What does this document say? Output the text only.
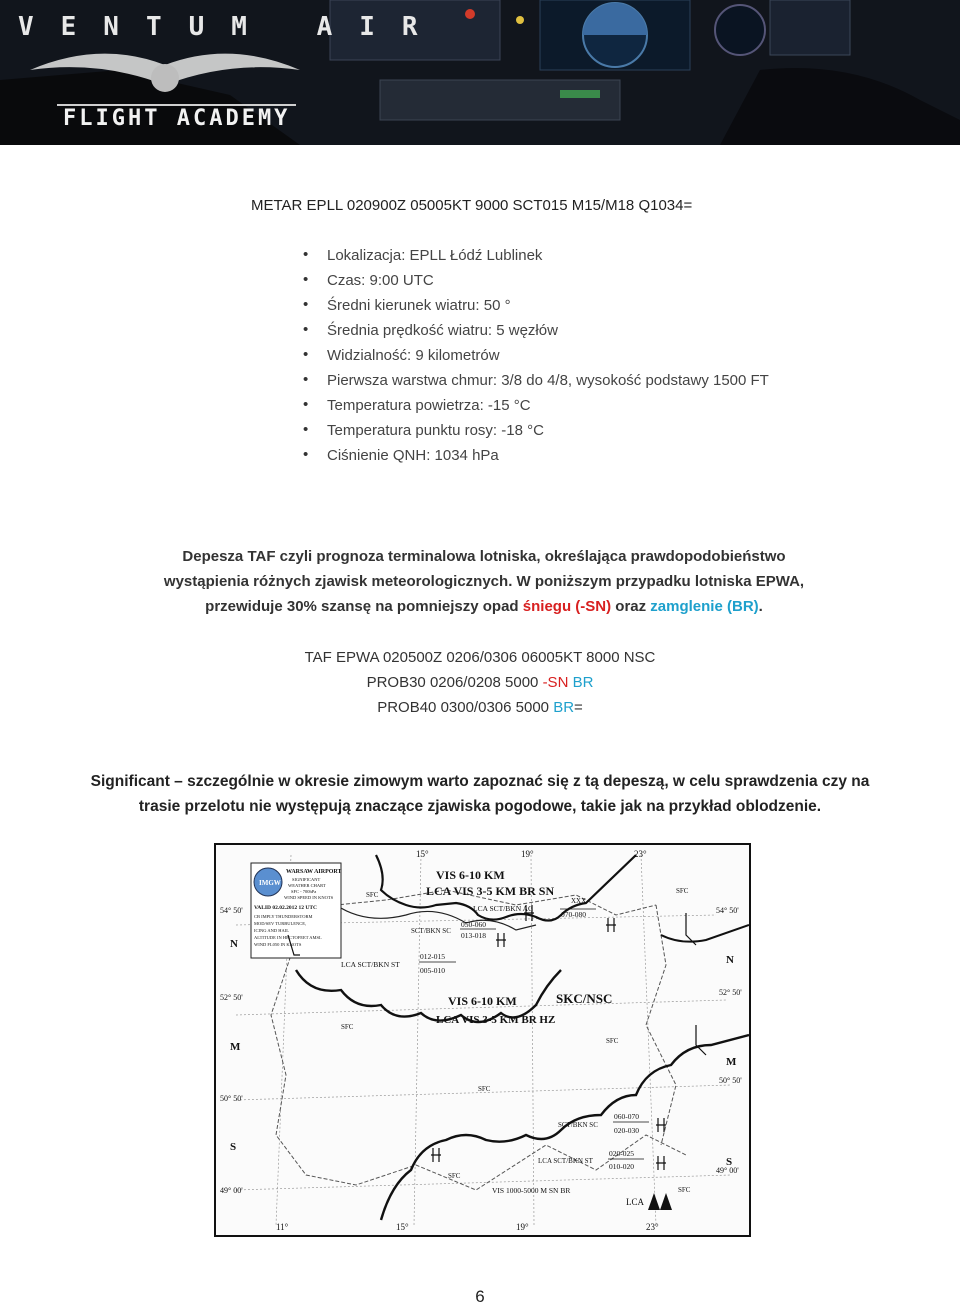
VENTUM AIR
FLIGHT ACADEMY
METAR EPLL 020900Z 05005KT 9000 SCT015 M15/M18 Q1034=
• Lokalizacja: EPLL Łódź Lublinek
• Czas: 9:00 UTC
• Średni kierunek wiatru: 50 °
• Średnia prędkość wiatru: 5 węzłów
• Widzialność: 9 kilometrów
• Pierwsza warstwa chmur: 3/8 do 4/8, wysokość podstawy 1500 FT
• Temperatura powietrza: -15 °C
• Temperatura punktu rosy: -18 °C
• Ciśnienie QNH: 1034 hPa
Depesza TAF czyli prognoza terminalowa lotniska, określająca prawdopodobieństwo wystąpienia różnych zjawisk meteorologicznych. W poniższym przypadku lotniska EPWA, przewiduje 30% szansę na pomniejszy opad śniegu (-SN) oraz zamglenie (BR).
TAF EPWA 020500Z 0206/0306 06005KT 8000 NSC
PROB30 0206/0208 5000 -SN BR
PROB40 0300/0306 5000 BR=
Significant – szczególnie w okresie zimowym warto zapoznać się z tą depeszą, w celu sprawdzenia czy na trasie przelotu nie występują znaczące zjawiska pogodowe, takie jak na przykład oblodzenie.
15°	19°	23°
11°	15°	19°	23°
54° 50'
52° 50'
50° 50'
49° 00'
54° 50'
52° 50'
50° 50'
49° 00'
N
M
S
N
M
S
IMGW
WARSAW AIRPORT
SIGNIFICANT
WEATHER CHART
SFC - 700hPa
WIND SPEED IN KNOTS
VALID 02.02.2012 12 UTC
CB IMPLY THUNDERSTORM
MOD/SEV TURBULENCE,
ICING AND HAIL
ALTITUDE IN HECTOFEET AMSL
WIND FL050 IN KNOTS
VIS 6-10 KM
LCA VIS 3-5 KM BR SN
LCA SCT/BKN AC
XXX
070-080
SCT/BKN SC
050-060
013-018
012-015
005-010
LCA SCT/BKN ST
SFC	SFC
VIS 6-10 KM	SKC/NSC
LCA VIS 3-5 KM BR HZ
SFC
SFC
SFC
SCT/BKN SC
060-070
020-030
LCA SCT/BKN ST
020-025
010-020
VIS 1000-5000 M SN BR
LCA
SFC
SFC
6
